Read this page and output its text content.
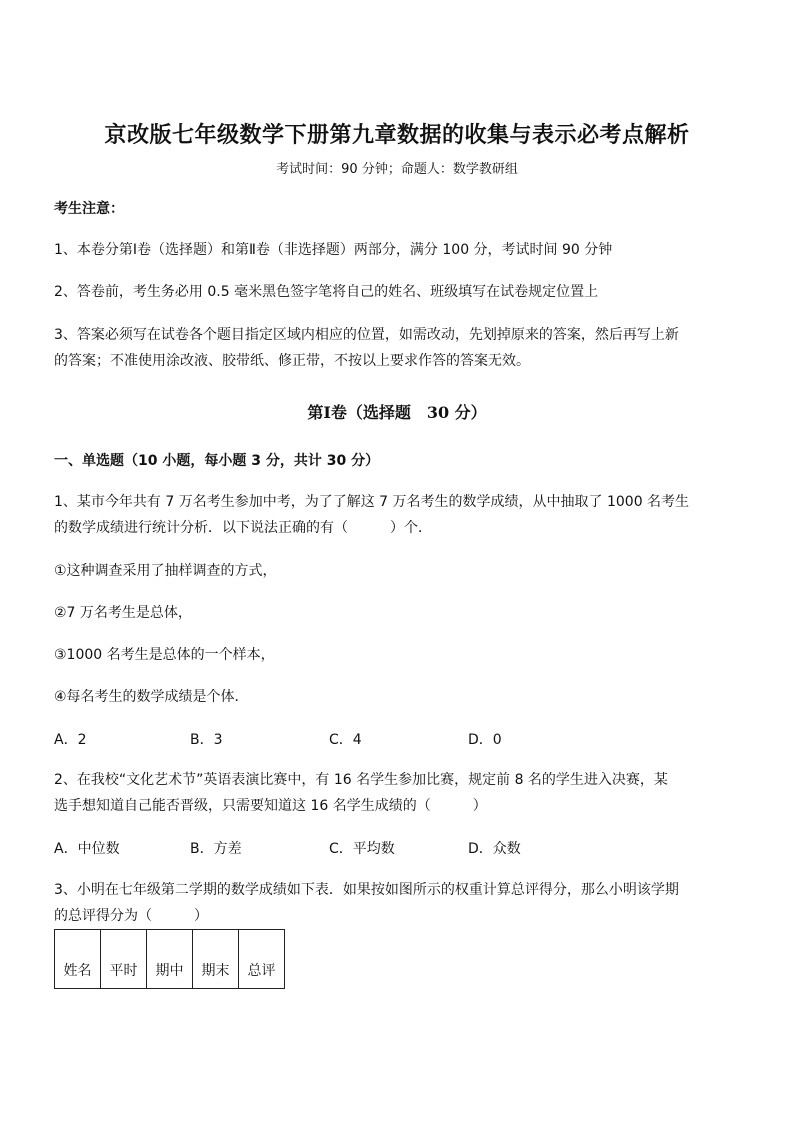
京改版七年级数学下册第九章数据的收集与表示必考点解析
考试时间：90 分钟；命题人：数学教研组
考生注意：
1、本卷分第Ⅰ卷（选择题）和第Ⅱ卷（非选择题）两部分，满分 100 分，考试时间 90 分钟
2、答卷前，考生务必用 0.5 毫米黑色签字笔将自己的姓名、班级填写在试卷规定位置上
3、答案必须写在试卷各个题目指定区域内相应的位置，如需改动，先划掉原来的答案，然后再写上新
的答案；不准使用涂改液、胶带纸、修正带，不按以上要求作答的答案无效。
第Ⅰ卷（选择题　30 分）
一、单选题（10 小题，每小题 3 分，共计 30 分）
1、某市今年共有 7 万名考生参加中考，为了了解这 7 万名考生的数学成绩，从中抽取了 1000 名考生
的数学成绩进行统计分析．以下说法正确的有（　　　）个．
①这种调查采用了抽样调查的方式，
②7 万名考生是总体，
③1000 名考生是总体的一个样本，
④每名考生的数学成绩是个体．
A．2	B．3	C．4	D．0
2、在我校“文化艺术节”英语表演比赛中，有 16 名学生参加比赛，规定前 8 名的学生进入决赛，某
选手想知道自己能否晋级，只需要知道这 16 名学生成绩的（　　　）
A．中位数	B．方差	C．平均数	D．众数
3、小明在七年级第二学期的数学成绩如下表．如果按如图所示的权重计算总评得分，那么小明该学期
的总评得分为（　　　）
姓名	平时	期中	期末	总评
